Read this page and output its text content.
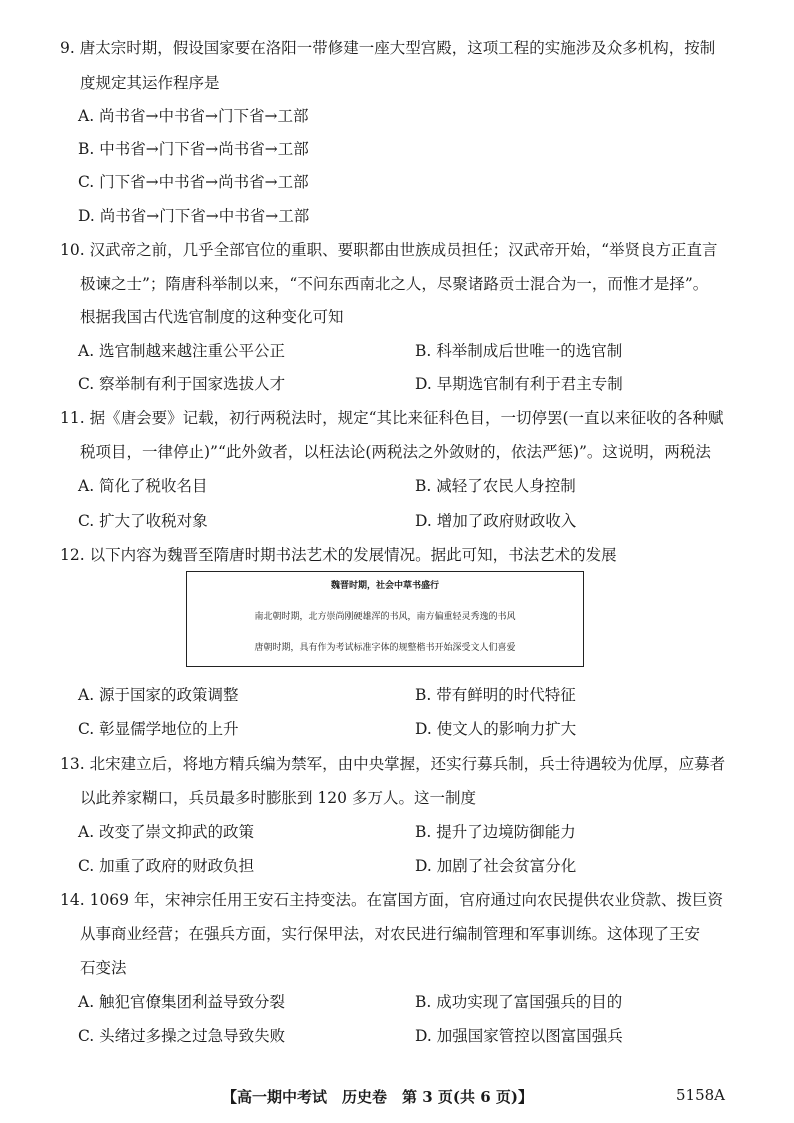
9. 唐太宗时期，假设国家要在洛阳一带修建一座大型宫殿，这项工程的实施涉及众多机构，按制
度规定其运作程序是
A. 尚书省→中书省→门下省→工部
B. 中书省→门下省→尚书省→工部
C. 门下省→中书省→尚书省→工部
D. 尚书省→门下省→中书省→工部
10. 汉武帝之前，几乎全部官位的重职、要职都由世族成员担任；汉武帝开始，“举贤良方正直言
极谏之士”；隋唐科举制以来，“不问东西南北之人，尽聚诸路贡士混合为一，而惟才是择”。
根据我国古代选官制度的这种变化可知
A. 选官制越来越注重公平公正	B. 科举制成后世唯一的选官制
C. 察举制有利于国家选拔人才	D. 早期选官制有利于君主专制
11. 据《唐会要》记载，初行两税法时，规定“其比来征科色目，一切停罢(一直以来征收的各种赋
税项目，一律停止)”“此外敛者，以枉法论(两税法之外敛财的，依法严惩)”。这说明，两税法
A. 简化了税收名目	B. 减轻了农民人身控制
C. 扩大了收税对象	D. 增加了政府财政收入
12. 以下内容为魏晋至隋唐时期书法艺术的发展情况。据此可知，书法艺术的发展
魏晋时期，社会中草书盛行
南北朝时期，北方崇尚刚硬雄浑的书风，南方偏重轻灵秀逸的书风
唐朝时期，具有作为考试标准字体的规整楷书开始深受文人们喜爱
A. 源于国家的政策调整	B. 带有鲜明的时代特征
C. 彰显儒学地位的上升	D. 使文人的影响力扩大
13. 北宋建立后，将地方精兵编为禁军，由中央掌握，还实行募兵制，兵士待遇较为优厚，应募者
以此养家糊口，兵员最多时膨胀到 120 多万人。这一制度
A. 改变了崇文抑武的政策	B. 提升了边境防御能力
C. 加重了政府的财政负担	D. 加剧了社会贫富分化
14. 1069 年，宋神宗任用王安石主持变法。在富国方面，官府通过向农民提供农业贷款、拨巨资
从事商业经营；在强兵方面，实行保甲法，对农民进行编制管理和军事训练。这体现了王安
石变法
A. 触犯官僚集团利益导致分裂	B. 成功实现了富国强兵的目的
C. 头绪过多操之过急导致失败	D. 加强国家管控以图富国强兵
【高一期中考试　历史卷　第 3 页(共 6 页)】	5158A
